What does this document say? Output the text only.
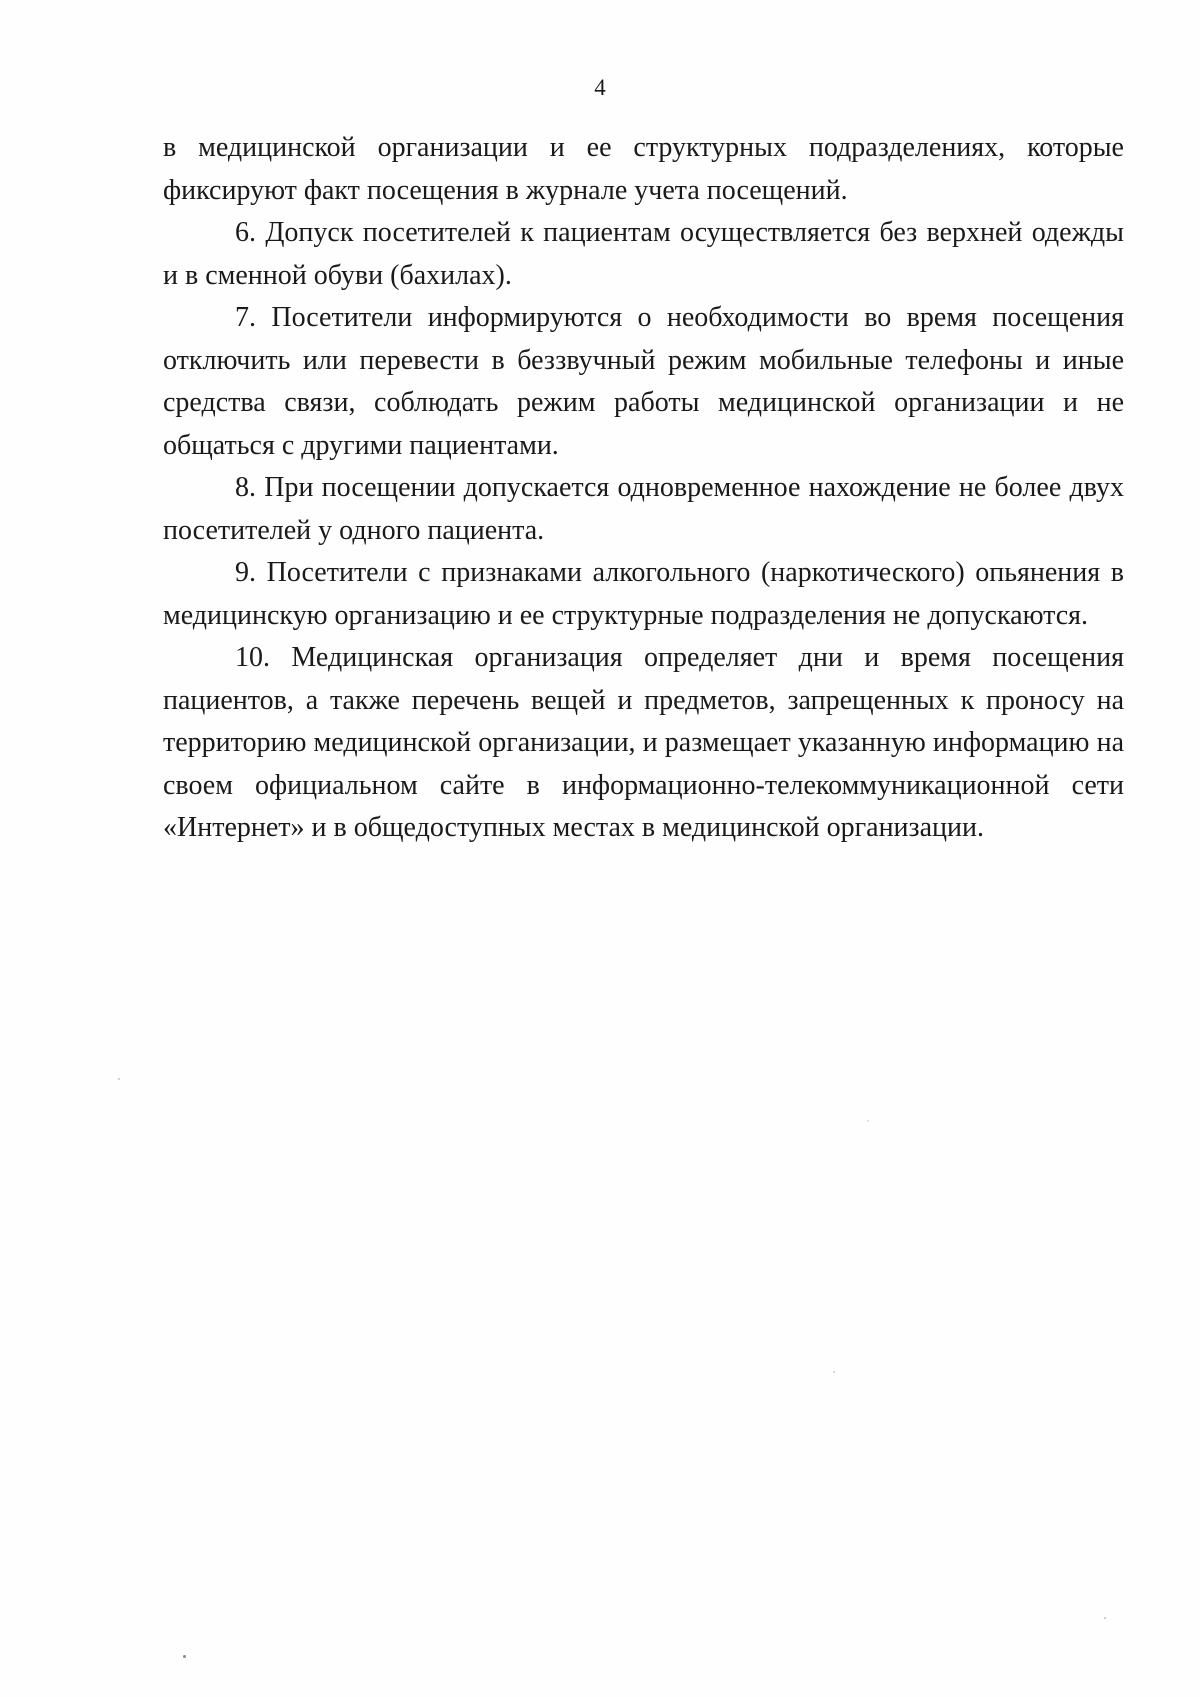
4

в медицинской организации и ее структурных подразделениях, которые фиксируют факт посещения в журнале учета посещений.

6. Допуск посетителей к пациентам осуществляется без верхней одежды и в сменной обуви (бахилах).

7. Посетители информируются о необходимости во время посещения отключить или перевести в беззвучный режим мобильные телефоны и иные средства связи, соблюдать режим работы медицинской организации и не общаться с другими пациентами.

8. При посещении допускается одновременное нахождение не более двух посетителей у одного пациента.

9. Посетители с признаками алкогольного (наркотического) опьянения в медицинскую организацию и ее структурные подразделения не допускаются.

10. Медицинская организация определяет дни и время посещения пациентов, а также перечень вещей и предметов, запрещенных к проносу на территорию медицинской организации, и размещает указанную информацию на своем официальном сайте в информационно-телекоммуникационной сети «Интернет» и в общедоступных местах в медицинской организации.
